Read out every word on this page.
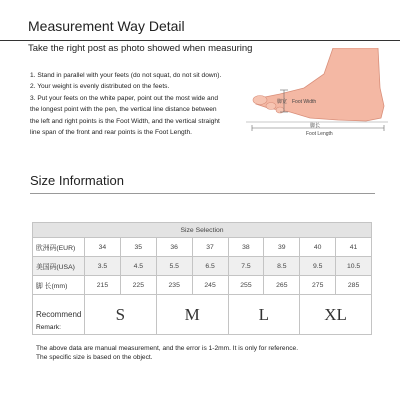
Measurement Way Detail
Take the right post as photo showed when measuring
1. Stand in parallel with your feets (do not squat, do not sit down).
2. Your weight is evenly distributed on the feets.
3. Put your feets on the white paper, point out the most wide and
the longest point with the pen, the vertical line distance between
the left and right points is the Foot Width, and the vertical straight
line span of the front and rear points is the Foot Length.
脚宽 Foot Width
脚长
Foot Length
Size Information
Size Selection								
欧洲码(EUR)	34	35	36	37	38	39	40	41
美国码(USA)	3.5	4.5	5.5	6.5	7.5	8.5	9.5	10.5
脚 长(mm)	215	225	235	245	255	265	275	285
Recommend	S		M		L		XL	
Remark:
The above data are manual measurement, and the error is 1-2mm. It is only for reference.
The specific size is based on the object.
